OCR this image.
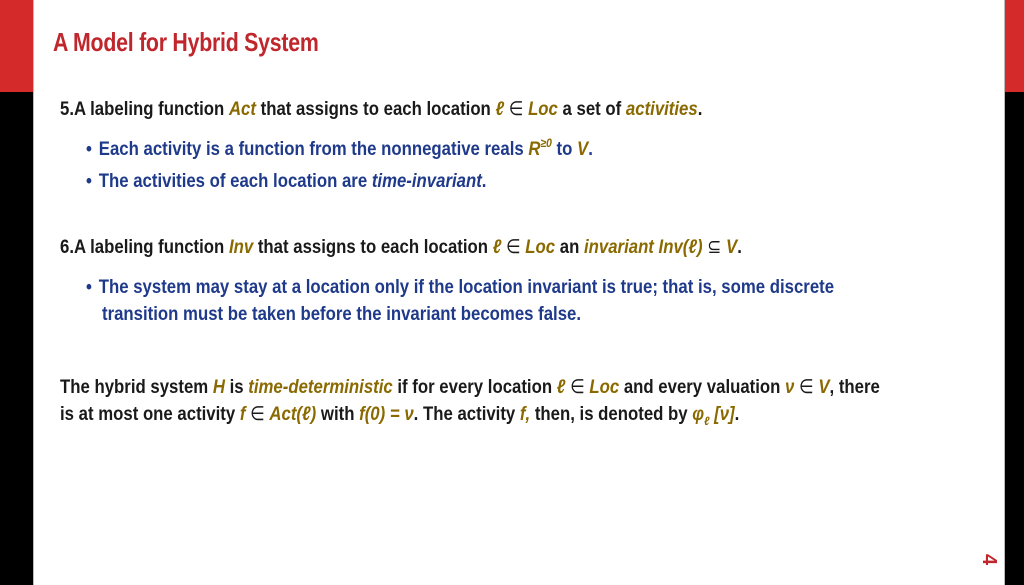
A Model for Hybrid System
5.A labeling function Act that assigns to each location ℓ ∈ Loc a set of activities.
• Each activity is a function from the nonnegative reals $R^{\ge 0}$ to V.
• The activities of each location are time-invariant.
6.A labeling function Inv that assigns to each location ℓ ∈ Loc an invariant Inv(ℓ) ⊆ V.
• The system may stay at a location only if the location invariant is true; that is, some discrete
transition must be taken before the invariant becomes false.
The hybrid system H is time-deterministic if for every location ℓ ∈ Loc and every valuation ν ∈ V, there
is at most one activity f ∈ Act(ℓ) with f(0) = ν. The activity f, then, is denoted by $\varphi_\ell$ [ν].
4
